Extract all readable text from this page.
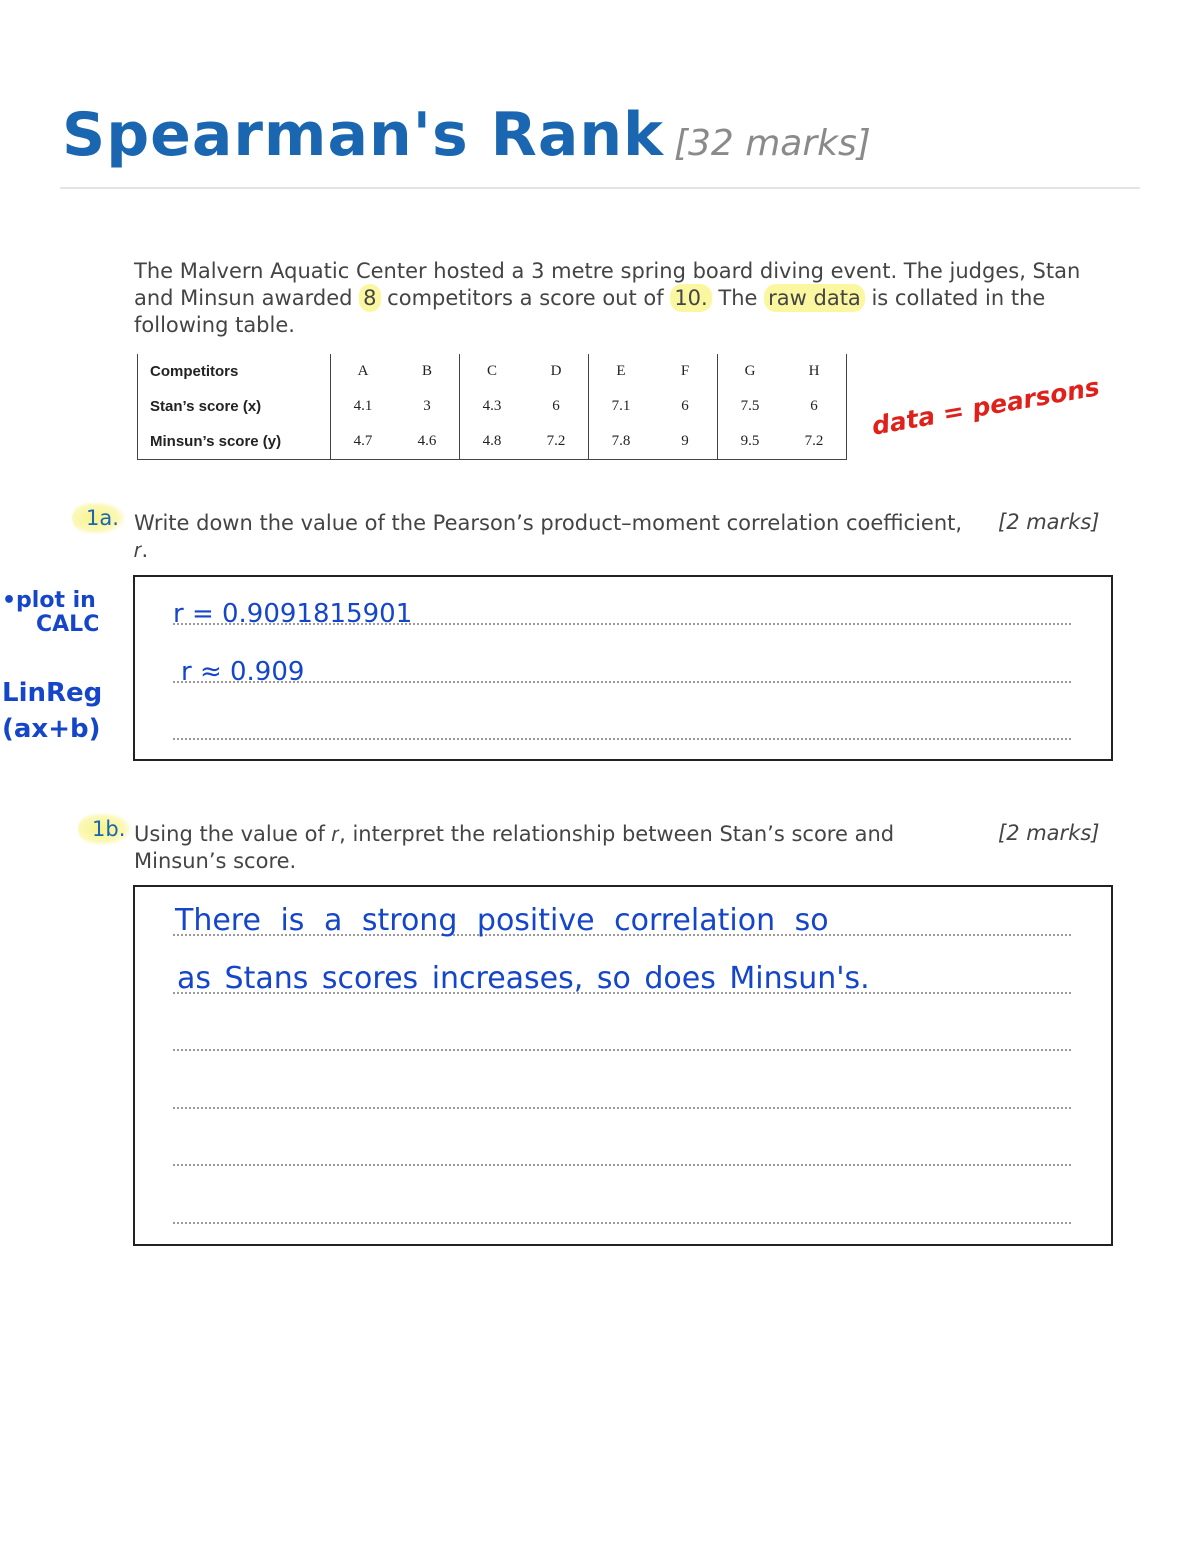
Spearman's Rank [32 marks]
The Malvern Aquatic Center hosted a 3 metre spring board diving event. The judges, Stan and Minsun awarded 8 competitors a score out of 10. The raw data is collated in the following table.
Competitors	A	B	C	D	E	F	G	H
Stan’s score (x)	4.1	3	4.3	6	7.1	6	7.5	6
Minsun’s score (y)	4.7	4.6	4.8	7.2	7.8	9	9.5	7.2
data = pearsons
•plot in
CALC
LinReg
(ax+b)
1a. Write down the value of the Pearson’s product–moment correlation coefficient, 𝑟.
[2 marks]
r = 0.9091815901
r ≈ 0.909
1b. Using the value of 𝑟, interpret the relationship between Stan’s score and Minsun’s score.
[2 marks]
There is a strong positive correlation so
as Stans scores increases, so does Minsun's.
